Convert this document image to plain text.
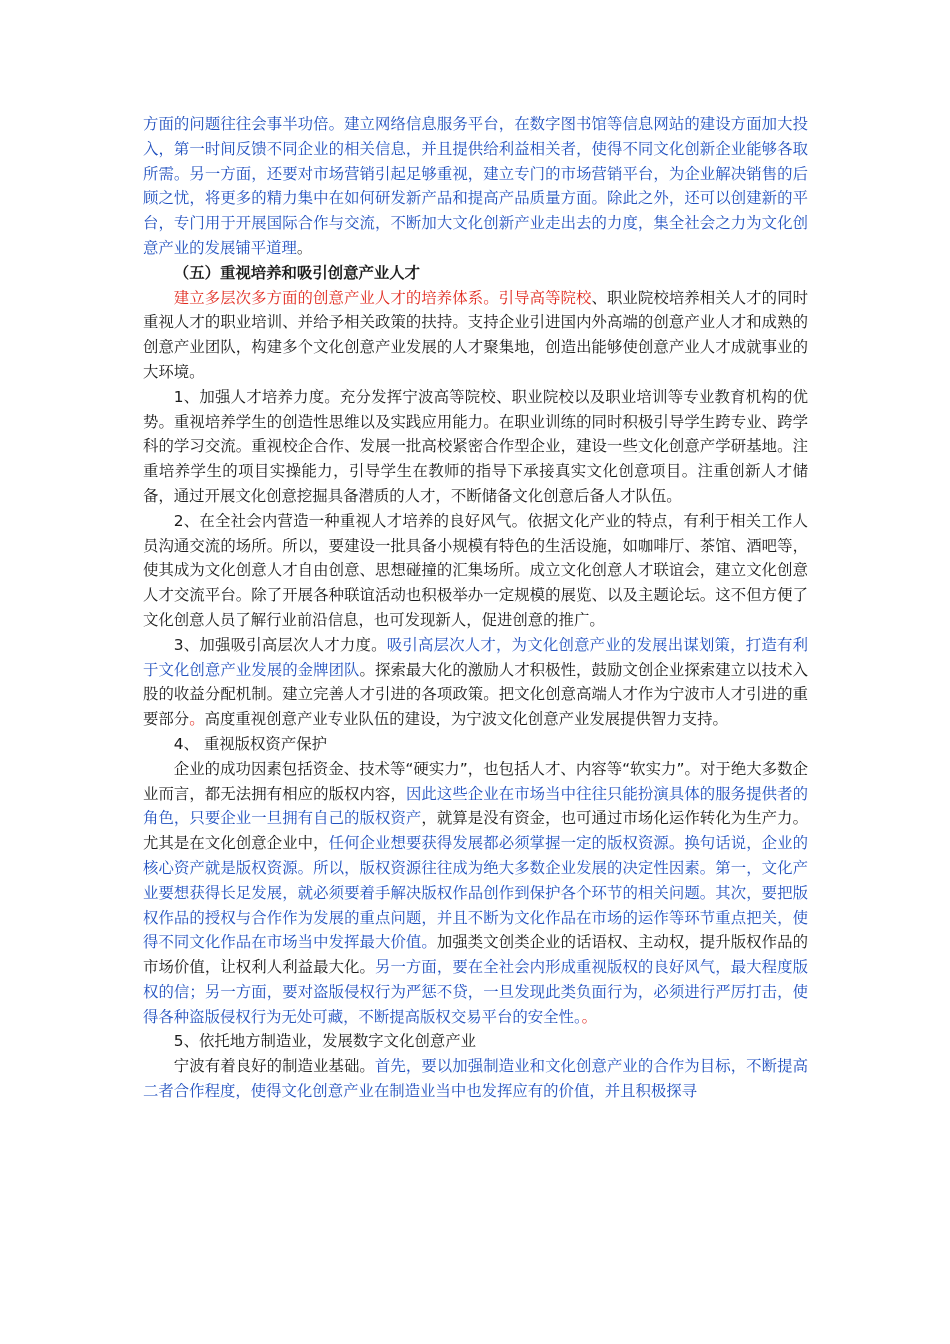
方面的问题往往会事半功倍。建立网络信息服务平台，在数字图书馆等信息网站的建设方面加大投入，第一时间反馈不同企业的相关信息，并且提供给利益相关者，使得不同文化创新企业能够各取所需。另一方面，还要对市场营销引起足够重视，建立专门的市场营销平台，为企业解决销售的后顾之忧，将更多的精力集中在如何研发新产品和提高产品质量方面。除此之外，还可以创建新的平台，专门用于开展国际合作与交流，不断加大文化创新产业走出去的力度，集全社会之力为文化创意产业的发展铺平道理。

（五）重视培养和吸引创意产业人才

建立多层次多方面的创意产业人才的培养体系。引导高等院校、职业院校培养相关人才的同时重视人才的职业培训、并给予相关政策的扶持。支持企业引进国内外高端的创意产业人才和成熟的创意产业团队，构建多个文化创意产业发展的人才聚集地，创造出能够使创意产业人才成就事业的大环境。

1、加强人才培养力度。充分发挥宁波高等院校、职业院校以及职业培训等专业教育机构的优势。重视培养学生的创造性思维以及实践应用能力。在职业训练的同时积极引导学生跨专业、跨学科的学习交流。重视校企合作、发展一批高校紧密合作型企业，建设一些文化创意产学研基地。注重培养学生的项目实操能力，引导学生在教师的指导下承接真实文化创意项目。注重创新人才储备，通过开展文化创意挖掘具备潜质的人才，不断储备文化创意后备人才队伍。

2、在全社会内营造一种重视人才培养的良好风气。依据文化产业的特点，有利于相关工作人员沟通交流的场所。所以，要建设一批具备小规模有特色的生活设施，如咖啡厅、茶馆、酒吧等，使其成为文化创意人才自由创意、思想碰撞的汇集场所。成立文化创意人才联谊会，建立文化创意人才交流平台。除了开展各种联谊活动也积极举办一定规模的展览、以及主题论坛。这不但方便了文化创意人员了解行业前沿信息，也可发现新人，促进创意的推广。

3、加强吸引高层次人才力度。吸引高层次人才，为文化创意产业的发展出谋划策，打造有利于文化创意产业发展的金牌团队。探索最大化的激励人才积极性，鼓励文创企业探索建立以技术入股的收益分配机制。建立完善人才引进的各项政策。把文化创意高端人才作为宁波市人才引进的重要部分。高度重视创意产业专业队伍的建设，为宁波文化创意产业发展提供智力支持。

4、 重视版权资产保护

企业的成功因素包括资金、技术等“硬实力”，也包括人才、内容等“软实力”。对于绝大多数企业而言，都无法拥有相应的版权内容，因此这些企业在市场当中往往只能扮演具体的服务提供者的角色，只要企业一旦拥有自己的版权资产，就算是没有资金，也可通过市场化运作转化为生产力。尤其是在文化创意企业中，任何企业想要获得发展都必须掌握一定的版权资源。换句话说，企业的核心资产就是版权资源。所以，版权资源往往成为绝大多数企业发展的决定性因素。第一，文化产业要想获得长足发展，就必须要着手解决版权作品创作到保护各个环节的相关问题。其次，要把版权作品的授权与合作作为发展的重点问题，并且不断为文化作品在市场的运作等环节重点把关，使得不同文化作品在市场当中发挥最大价值。加强类文创类企业的话语权、主动权，提升版权作品的市场价值，让权利人利益最大化。另一方面，要在全社会内形成重视版权的良好风气，最大程度版权的信；另一方面，要对盗版侵权行为严惩不贷，一旦发现此类负面行为，必须进行严厉打击，使得各种盗版侵权行为无处可藏，不断提高版权交易平台的安全性。。

5、依托地方制造业，发展数字文化创意产业

宁波有着良好的制造业基础。首先，要以加强制造业和文化创意产业的合作为目标，不断提高二者合作程度，使得文化创意产业在制造业当中也发挥应有的价值，并且积极探寻
